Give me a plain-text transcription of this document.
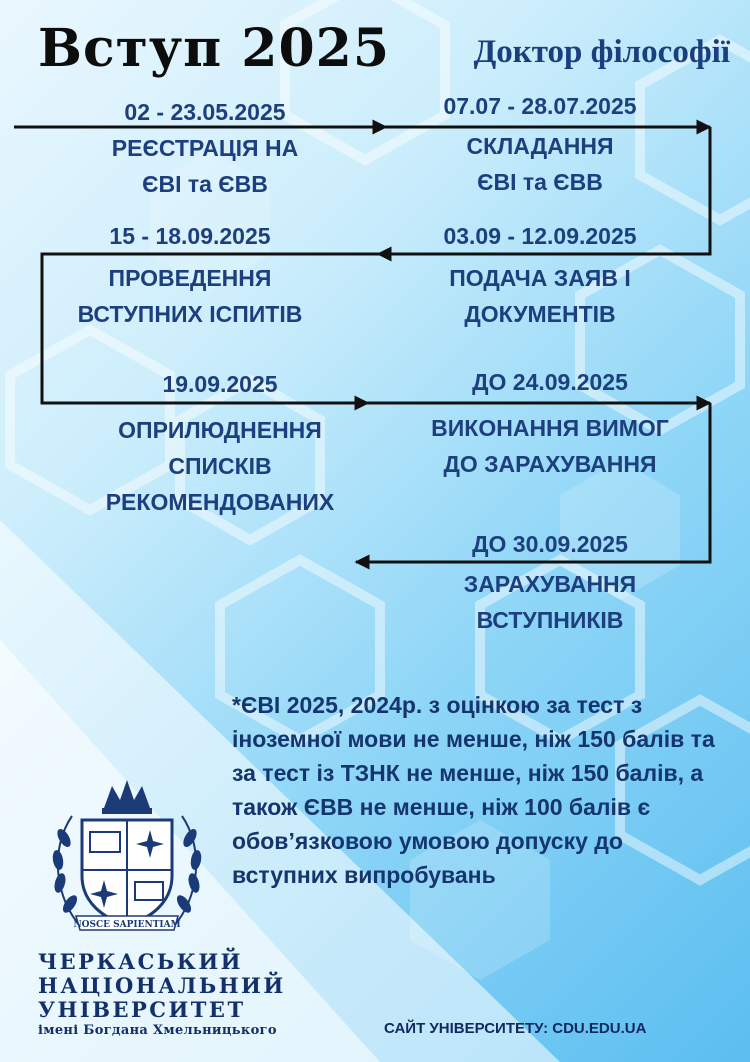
Вступ 2025	Доктор філософії
02 - 23.05.2025
РЕЄСТРАЦІЯ НА
ЄВІ та ЄВВ
07.07 - 28.07.2025
СКЛАДАННЯ
ЄВІ та ЄВВ
03.09 - 12.09.2025
ПОДАЧА ЗАЯВ І
ДОКУМЕНТІВ
15 - 18.09.2025
ПРОВЕДЕННЯ
ВСТУПНИХ ІСПИТІВ
19.09.2025
ОПРИЛЮДНЕННЯ
СПИСКІВ
РЕКОМЕНДОВАНИХ
ДО 24.09.2025
ВИКОНАННЯ ВИМОГ
ДО ЗАРАХУВАННЯ
ДО 30.09.2025
ЗАРАХУВАННЯ
ВСТУПНИКІВ

*ЄВІ 2025, 2024р. з оцінкою за тест з іноземної мови не менше, ніж 150 балів та за тест із ТЗНК не менше, ніж 150 балів, а також ЄВВ не менше, ніж 100 балів є обов’язковою умовою допуску до вступних випробувань

NOSCE SAPIENTIAM
ЧЕРКАСЬКИЙ
НАЦІОНАЛЬНИЙ
УНІВЕРСИТЕТ
імені Богдана Хмельницького	САЙТ УНІВЕРСИТЕТУ: CDU.EDU.UA
